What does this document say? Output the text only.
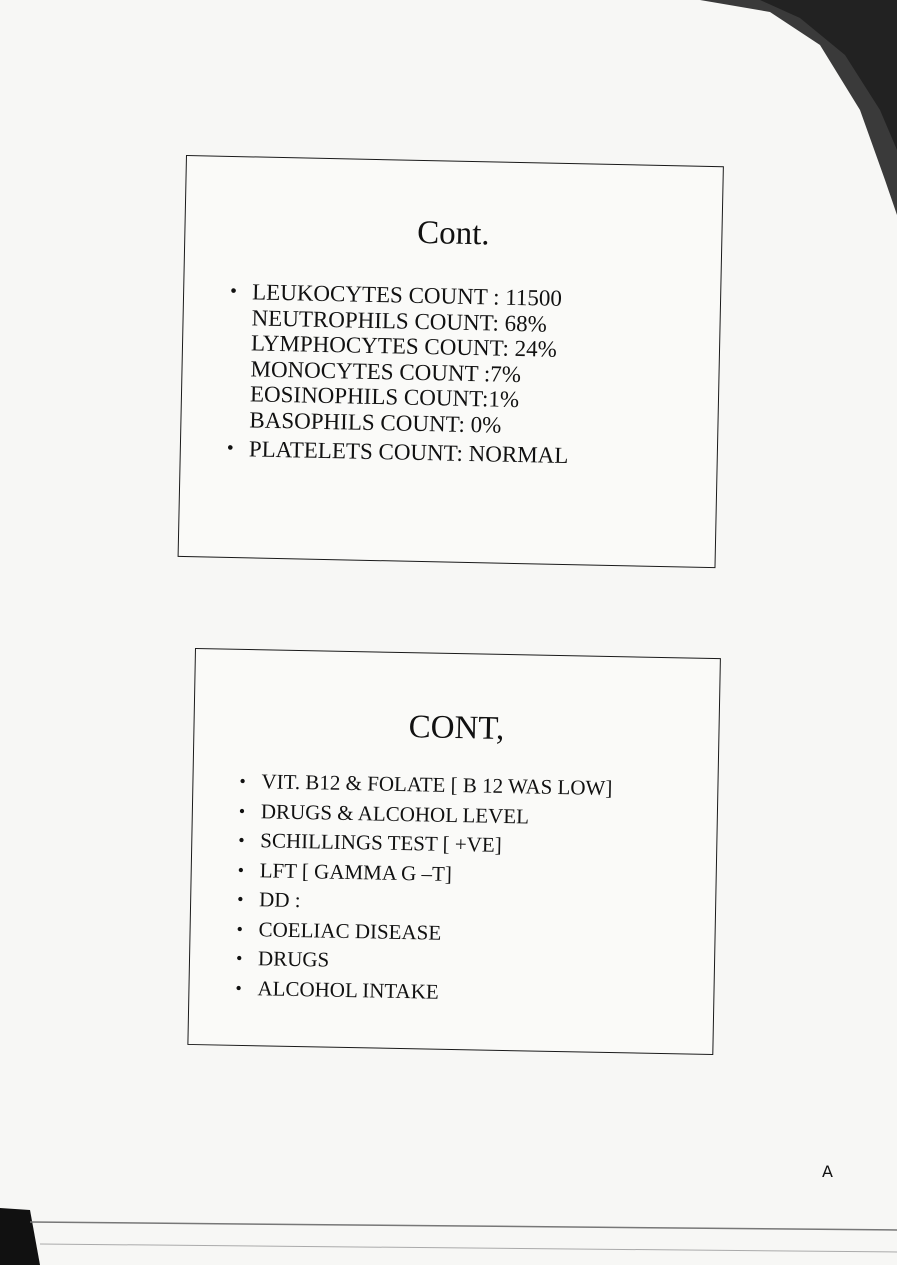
Cont.
• LEUKOCYTES COUNT : 11500
NEUTROPHILS COUNT: 68%
LYMPHOCYTES COUNT: 24%
MONOCYTES COUNT :7%
EOSINOPHILS COUNT:1%
BASOPHILS COUNT: 0%
• PLATELETS COUNT: NORMAL
CONT,
• VIT. B12 & FOLATE [ B 12 WAS LOW]
• DRUGS & ALCOHOL LEVEL
• SCHILLINGS TEST [ +VE]
• LFT [ GAMMA G –T]
• DD :
• COELIAC DISEASE
• DRUGS
• ALCOHOL INTAKE
A
